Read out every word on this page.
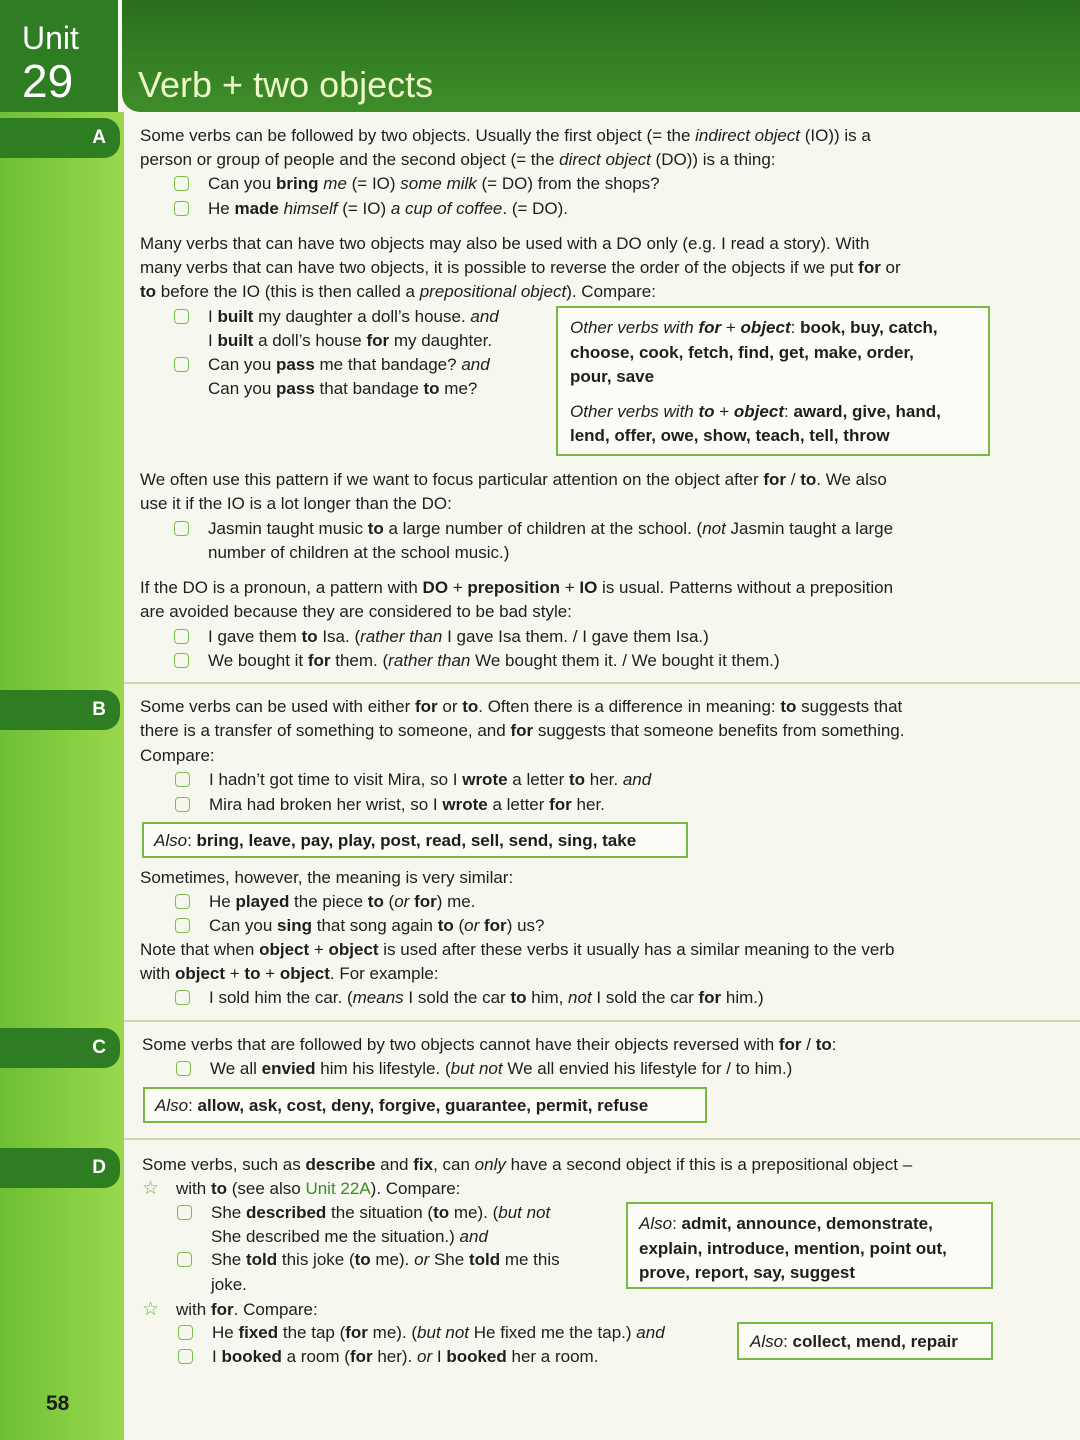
Unit
29 Verb + two objects
A
B
C
D
58
Some verbs can be followed by two objects. Usually the first object (= the indirect object (IO)) is a
person or group of people and the second object (= the direct object (DO)) is a thing:
Can you bring me (= IO) some milk (= DO) from the shops?
He made himself (= IO) a cup of coffee. (= DO).
Many verbs that can have two objects may also be used with a DO only (e.g. I read a story). With
many verbs that can have two objects, it is possible to reverse the order of the objects if we put for or
to before the IO (this is then called a prepositional object). Compare:
I built my daughter a doll’s house. and
I built a doll’s house for my daughter.
Can you pass me that bandage? and
Can you pass that bandage to me?
Other verbs with for + object: book, buy, catch,
choose, cook, fetch, find, get, make, order,
pour, save
Other verbs with to + object: award, give, hand,
lend, offer, owe, show, teach, tell, throw
We often use this pattern if we want to focus particular attention on the object after for / to. We also
use it if the IO is a lot longer than the DO:
Jasmin taught music to a large number of children at the school. (not Jasmin taught a large
number of children at the school music.)
If the DO is a pronoun, a pattern with DO + preposition + IO is usual. Patterns without a preposition
are avoided because they are considered to be bad style:
I gave them to Isa. (rather than I gave Isa them. / I gave them Isa.)
We bought it for them. (rather than We bought them it. / We bought it them.)
Some verbs can be used with either for or to. Often there is a difference in meaning: to suggests that
there is a transfer of something to someone, and for suggests that someone benefits from something.
Compare:
I hadn’t got time to visit Mira, so I wrote a letter to her. and
Mira had broken her wrist, so I wrote a letter for her.
Also: bring, leave, pay, play, post, read, sell, send, sing, take
Sometimes, however, the meaning is very similar:
He played the piece to (or for) me.
Can you sing that song again to (or for) us?
Note that when object + object is used after these verbs it usually has a similar meaning to the verb
with object + to + object. For example:
I sold him the car. (means I sold the car to him, not I sold the car for him.)
Some verbs that are followed by two objects cannot have their objects reversed with for / to:
We all envied him his lifestyle. (but not We all envied his lifestyle for / to him.)
Also: allow, ask, cost, deny, forgive, guarantee, permit, refuse
Some verbs, such as describe and fix, can only have a second object if this is a prepositional object –
☆ with to (see also Unit 22A). Compare:
She described the situation (to me). (but not
She described me the situation.) and
She told this joke (to me). or She told me this
joke.
Also: admit, announce, demonstrate,
explain, introduce, mention, point out,
prove, report, say, suggest
☆ with for. Compare:
He fixed the tap (for me). (but not He fixed me the tap.) and
I booked a room (for her). or I booked her a room.
Also: collect, mend, repair
